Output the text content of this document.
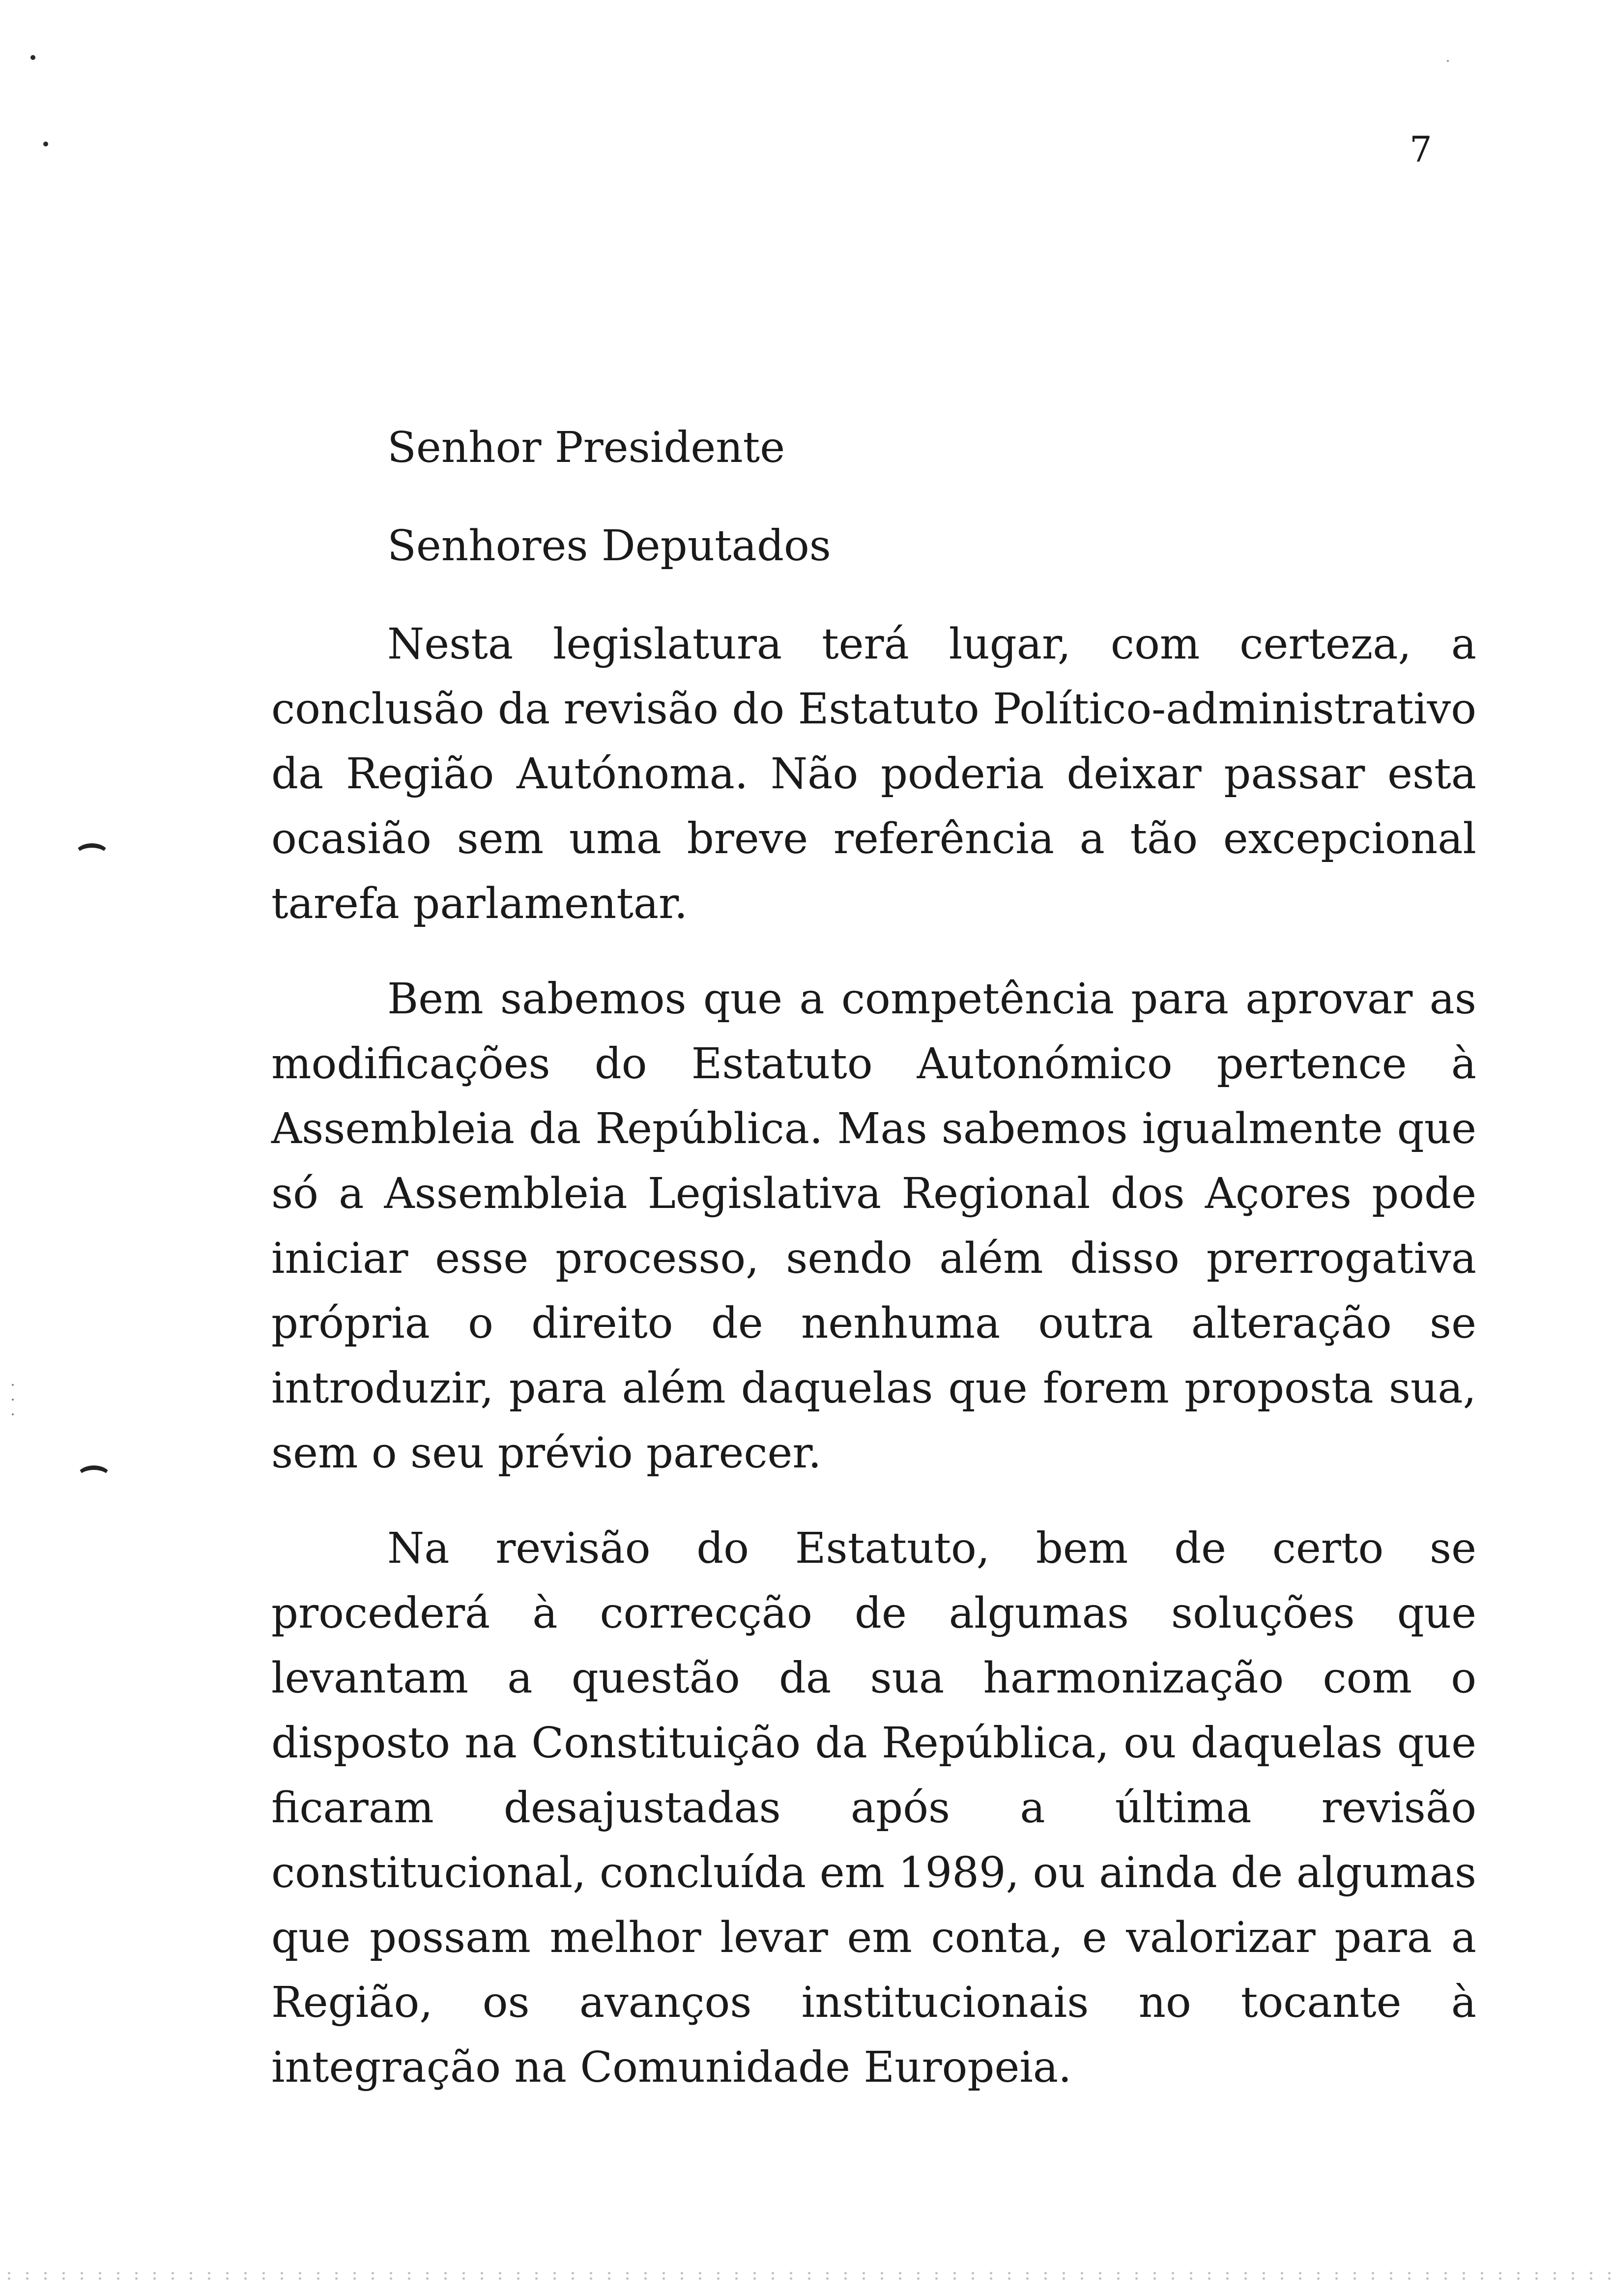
7

Senhor Presidente

Senhores Deputados

Nesta legislatura terá lugar, com certeza, a conclusão da revisão do Estatuto Político-administrativo da Região Autónoma. Não poderia deixar passar esta ocasião sem uma breve referência a tão excepcional tarefa parlamentar.

Bem sabemos que a competência para aprovar as modificações do Estatuto Autonómico pertence à Assembleia da República. Mas sabemos igualmente que só a Assembleia Legislativa Regional dos Açores pode iniciar esse processo, sendo além disso prerrogativa própria o direito de nenhuma outra alteração se introduzir, para além daquelas que forem proposta sua, sem o seu prévio parecer.

Na revisão do Estatuto, bem de certo se procederá à correcção de algumas soluções que levantam a questão da sua harmonização com o disposto na Constituição da República, ou daquelas que ficaram desajustadas após a última revisão constitucional, concluída em 1989, ou ainda de algumas que possam melhor levar em conta, e valorizar para a Região, os avanços institucionais no tocante à integração na Comunidade Europeia.
